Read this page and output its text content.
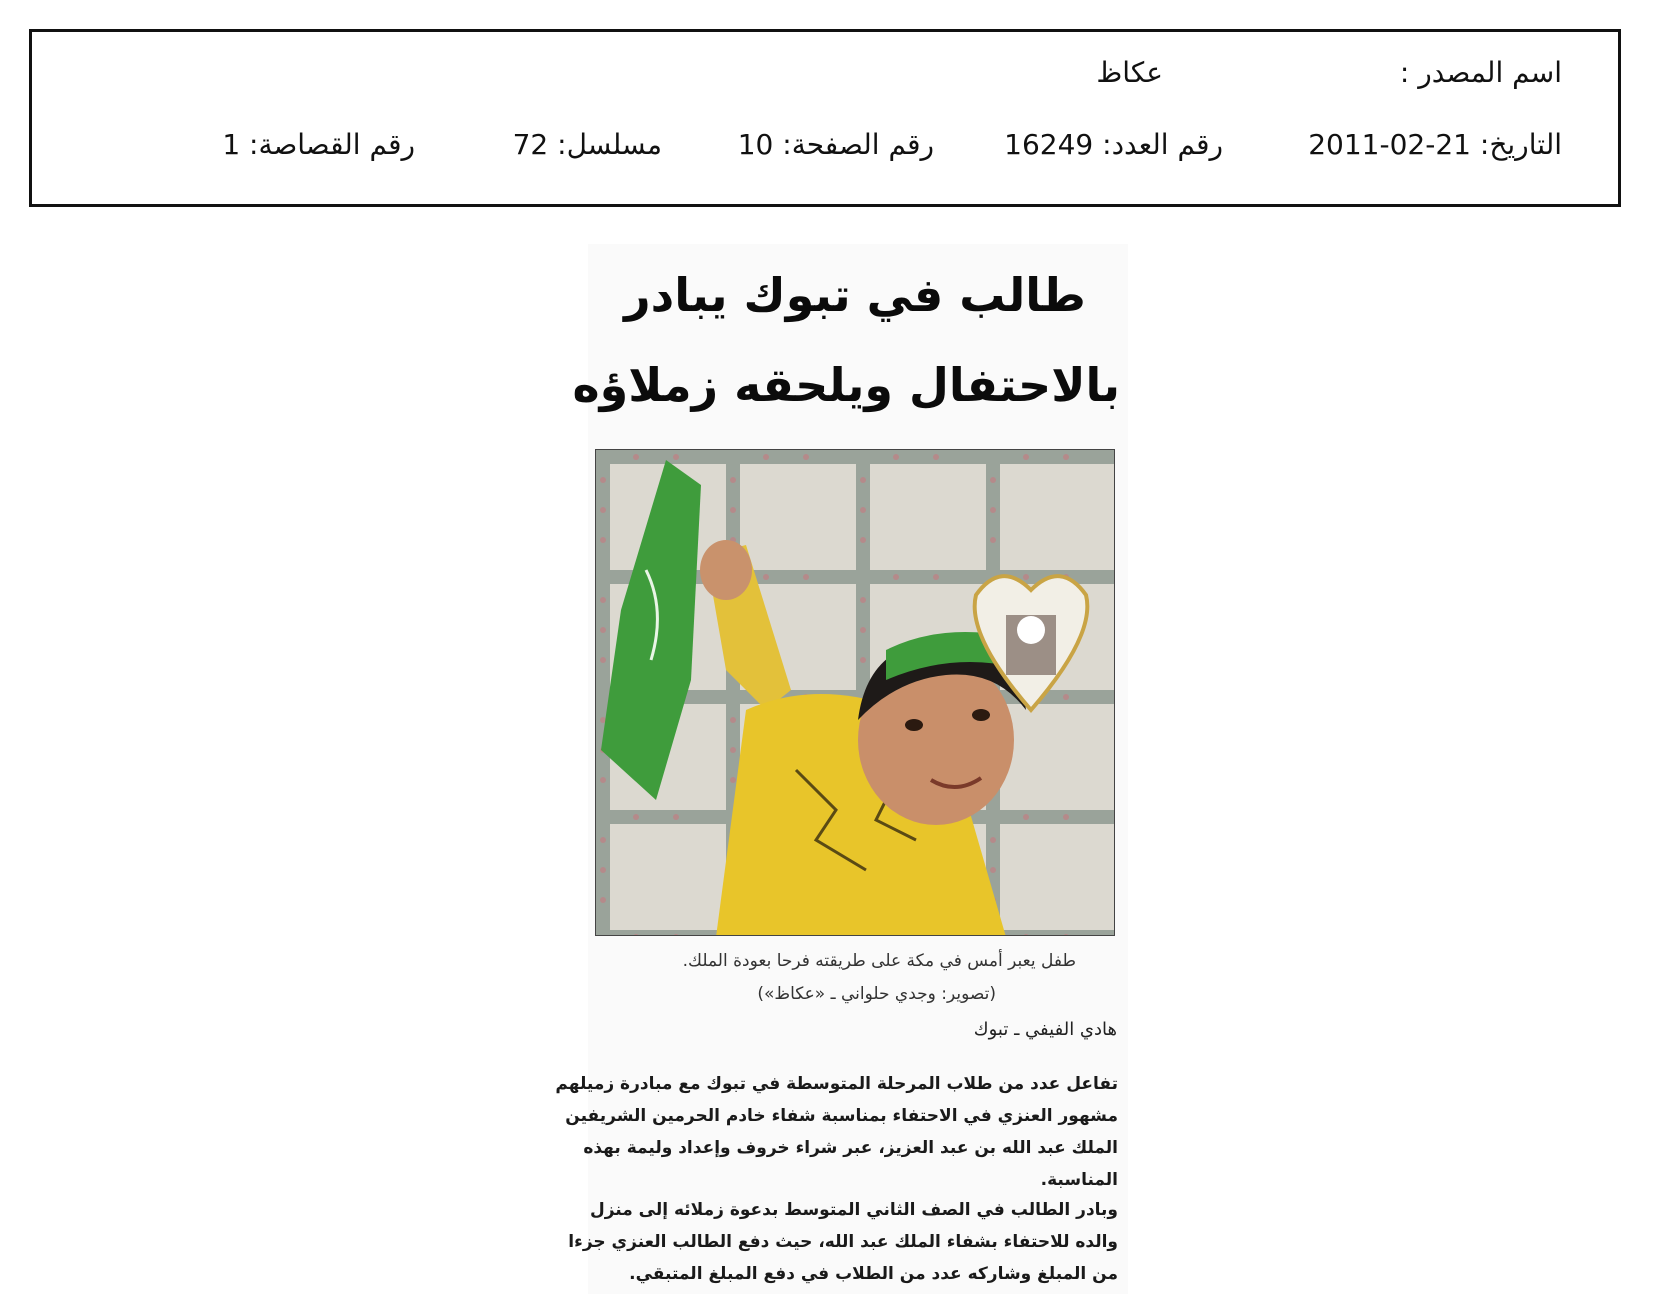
اسم المصدر :
عكاظ
التاريخ: 21-02-2011
رقم العدد: 16249
رقم الصفحة: 10
مسلسل: 72
رقم القصاصة: 1
طالب في تبوك يبادر
بالاحتفال ويلحقه زملاؤه
طفل يعبر أمس في مكة على طريقته فرحا بعودة الملك.
(تصوير: وجدي حلواني ـ «عكاظ»)
هادي الفيفي ـ تبوك
تفاعل عدد من طلاب المرحلة المتوسطة في تبوك مع مبادرة زميلهم
مشهور العنزي في الاحتفاء بمناسبة شفاء خادم الحرمين الشريفين
الملك عبد الله بن عبد العزيز، عبر شراء خروف وإعداد وليمة بهذه
المناسبة.
وبادر الطالب في الصف الثاني المتوسط بدعوة زملائه إلى منزل
والده للاحتفاء بشفاء الملك عبد الله، حيث دفع الطالب العنزي جزءا
من المبلغ وشاركه عدد من الطلاب في دفع المبلغ المتبقي.
